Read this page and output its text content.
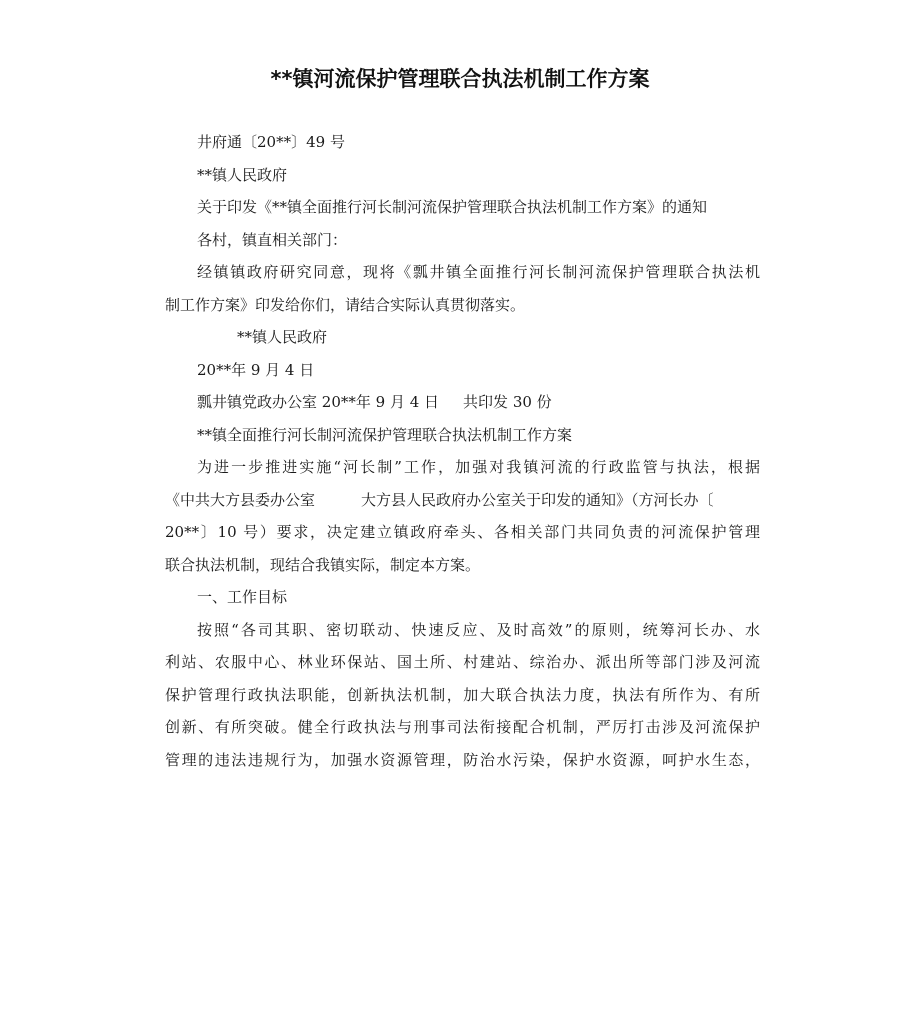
**镇河流保护管理联合执法机制工作方案

井府通〔20**〕49 号

**镇人民政府

关于印发《**镇全面推行河长制河流保护管理联合执法机制工作方案》的通知

各村，镇直相关部门：

经镇镇政府研究同意，现将《瓢井镇全面推行河长制河流保护管理联合执法机

制工作方案》印发给你们，请结合实际认真贯彻落实。

**镇人民政府

20**年 9 月 4 日

瓢井镇党政办公室 20**年 9 月 4 日 共印发 30 份

**镇全面推行河长制河流保护管理联合执法机制工作方案

为进一步推进实施“河长制”工作，加强对我镇河流的行政监管与执法，根据

《中共大方县委办公室	大方县人民政府办公室关于印发的通知》（方河长办〔

20**〕10 号）要求，决定建立镇政府牵头、各相关部门共同负责的河流保护管理

联合执法机制，现结合我镇实际，制定本方案。

一、工作目标

按照“各司其职、密切联动、快速反应、及时高效”的原则，统筹河长办、水

利站、农服中心、林业环保站、国土所、村建站、综治办、派出所等部门涉及河流

保护管理行政执法职能，创新执法机制，加大联合执法力度，执法有所作为、有所

创新、有所突破。健全行政执法与刑事司法衔接配合机制，严厉打击涉及河流保护

管理的违法违规行为，加强水资源管理，防治水污染，保护水资源，呵护水生态，
